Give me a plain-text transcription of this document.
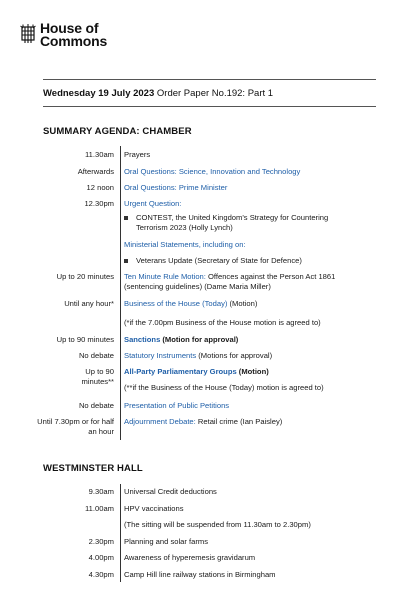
House of
Commons
Wednesday 19 July 2023 Order Paper No.192: Part 1
SUMMARY AGENDA: CHAMBER
11.30am Prayers
Afterwards Oral Questions: Science, Innovation and Technology
12 noon Oral Questions: Prime Minister
12.30pm Urgent Question:
CONTEST, the United Kingdom's Strategy for Countering Terrorism 2023 (Holly Lynch)
Ministerial Statements, including on:
Veterans Update (Secretary of State for Defence)
Up to 20 minutes Ten Minute Rule Motion: Offences against the Person Act 1861 (sentencing guidelines) (Dame Maria Miller)
Until any hour* Business of the House (Today) (Motion)
(*if the 7.00pm Business of the House motion is agreed to)
Up to 90 minutes Sanctions (Motion for approval)
No debate Statutory Instruments (Motions for approval)
Up to 90 minutes**
All-Party Parliamentary Groups (Motion)
(**if the Business of the House (Today) motion is agreed to)
No debate Presentation of Public Petitions
Until 7.30pm or for half an hour
Adjournment Debate: Retail crime (Ian Paisley)
WESTMINSTER HALL
9.30am Universal Credit deductions
11.00am HPV vaccinations
(The sitting will be suspended from 11.30am to 2.30pm)
2.30pm Planning and solar farms
4.00pm Awareness of hyperemesis gravidarum
4.30pm Camp Hill line railway stations in Birmingham
